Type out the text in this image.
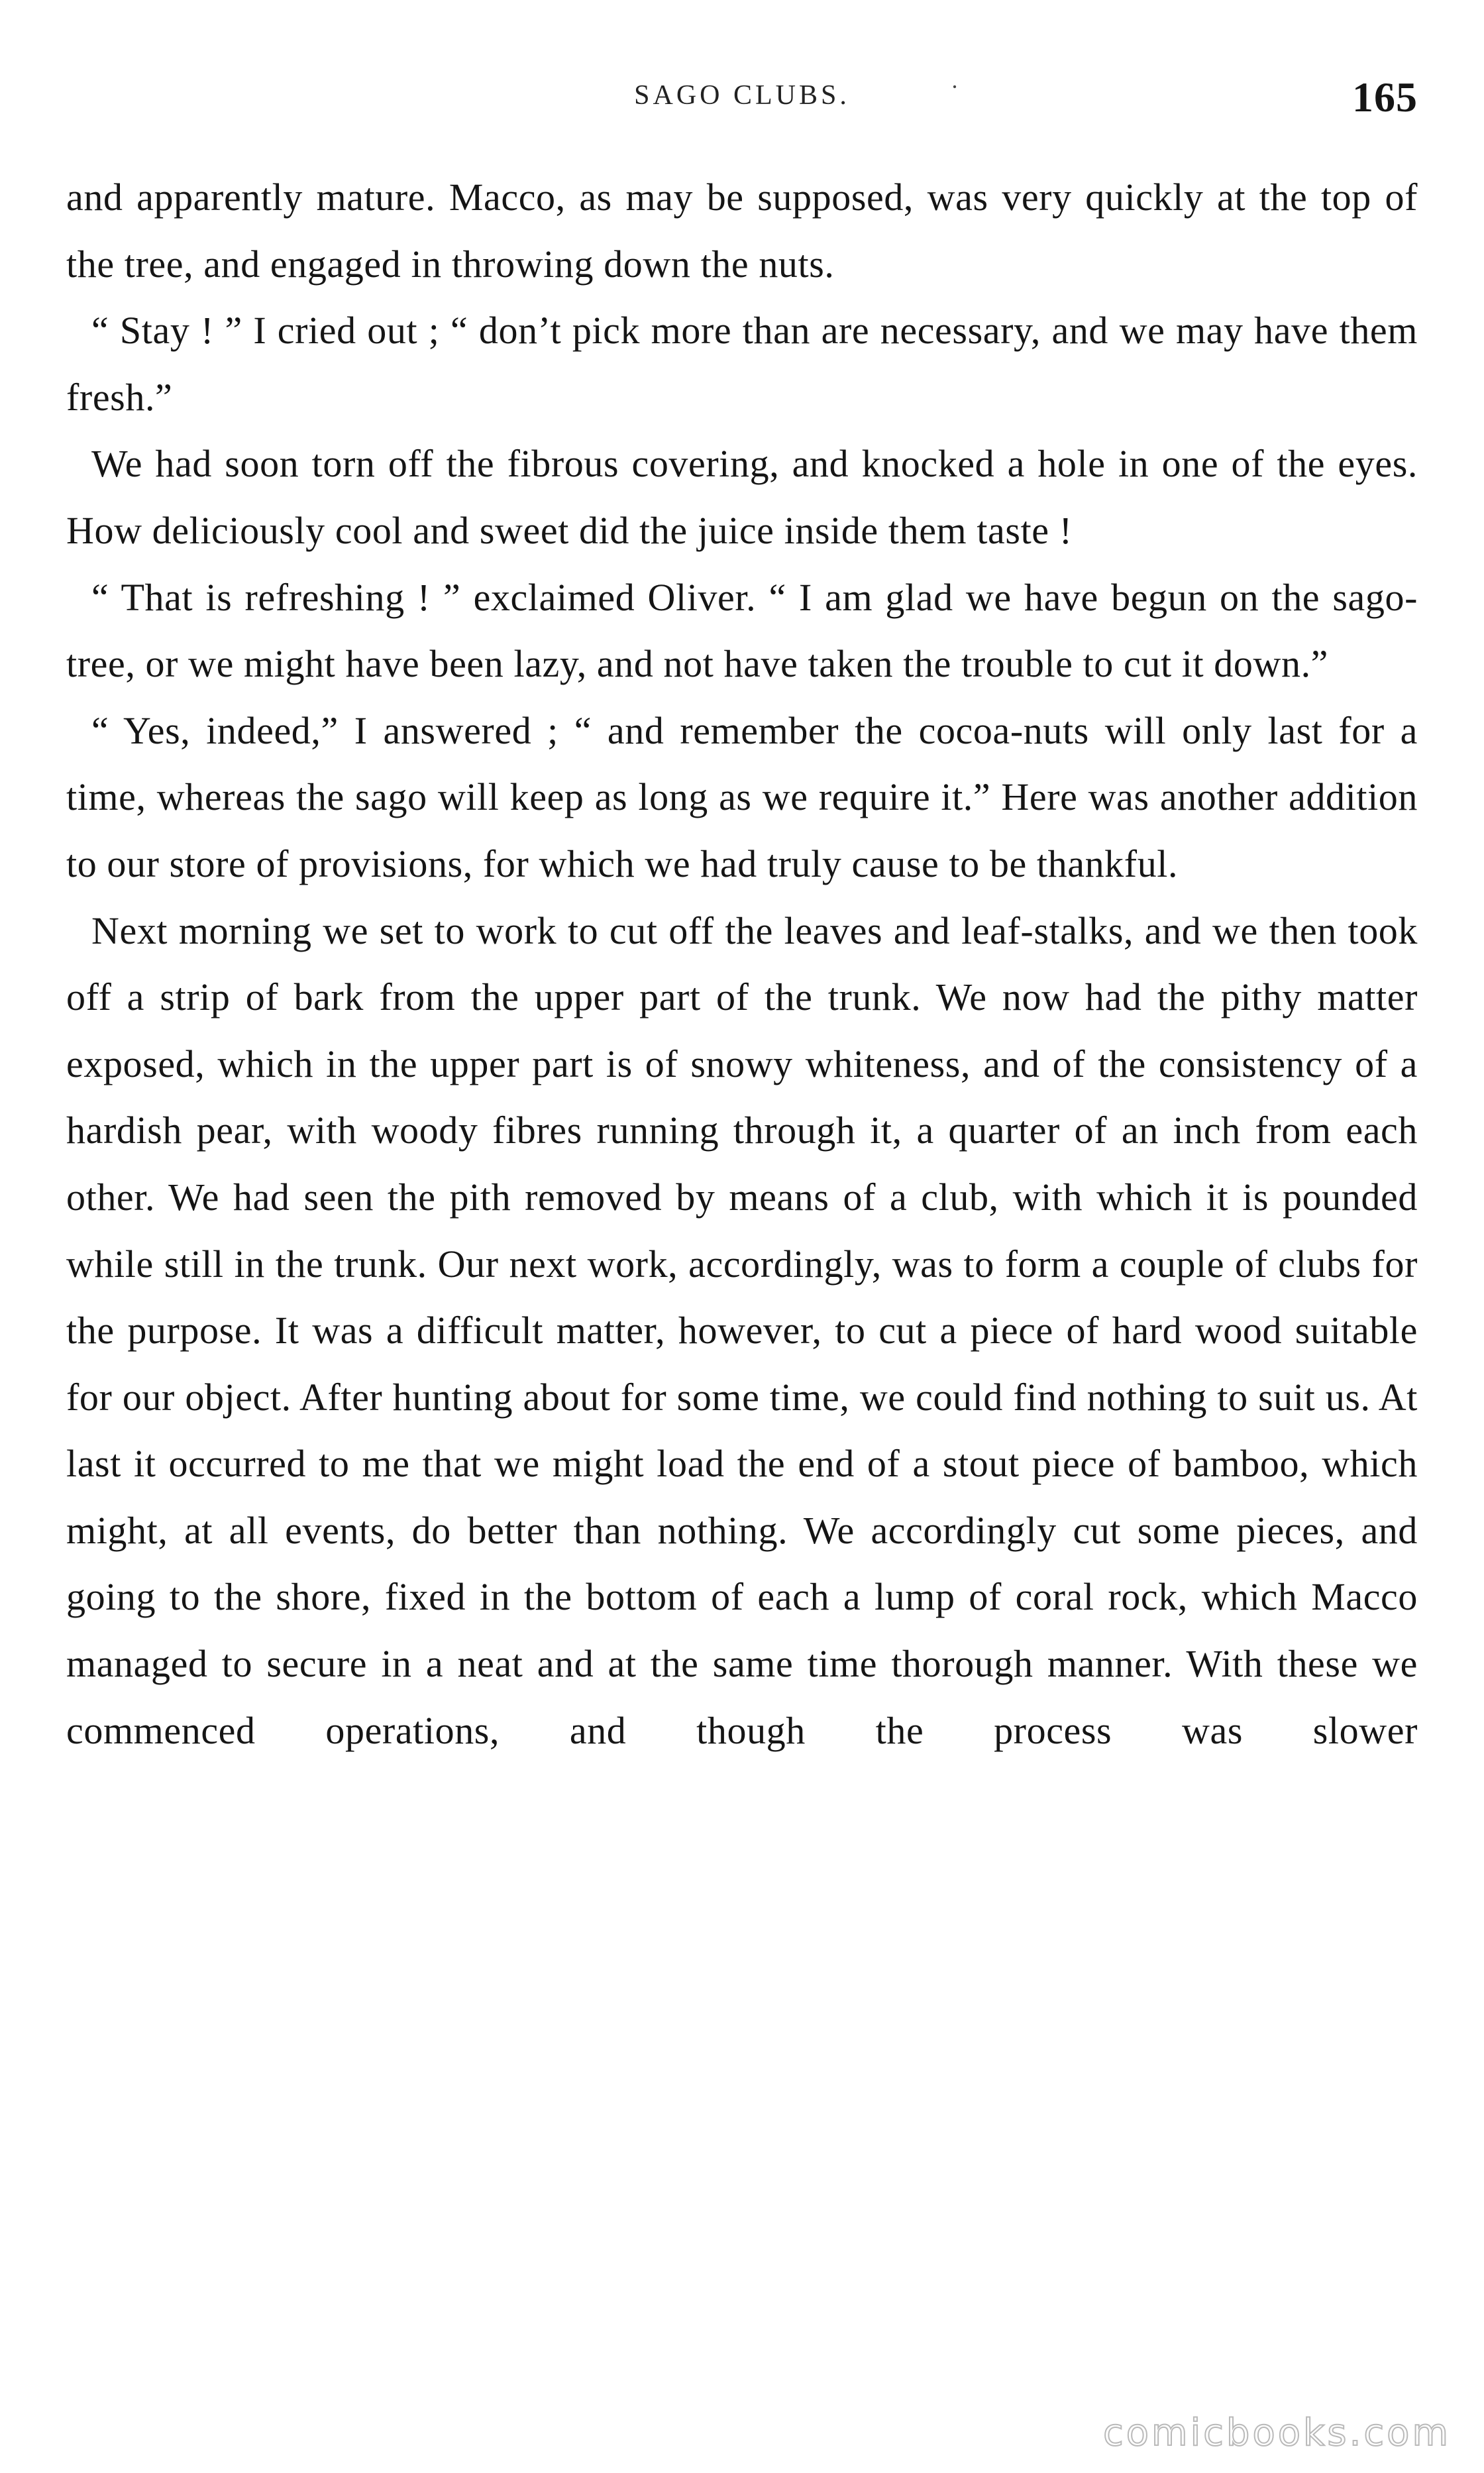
SAGO CLUBS.	·	165

and apparently mature. Macco, as may be supposed, was very quickly at the top of the tree, and engaged in throwing down the nuts.

“ Stay ! ” I cried out ; “ don’t pick more than are necessary, and we may have them fresh.”

We had soon torn off the fibrous covering, and knocked a hole in one of the eyes. How deliciously cool and sweet did the juice inside them taste !

“ That is refreshing ! ” exclaimed Oliver. “ I am glad we have begun on the sago-tree, or we might have been lazy, and not have taken the trouble to cut it down.”

“ Yes, indeed,” I answered ; “ and remember the cocoa-nuts will only last for a time, whereas the sago will keep as long as we require it.” Here was another addition to our store of provisions, for which we had truly cause to be thankful.

Next morning we set to work to cut off the leaves and leaf-stalks, and we then took off a strip of bark from the upper part of the trunk. We now had the pithy matter exposed, which in the upper part is of snowy whiteness, and of the consistency of a hardish pear, with woody fibres running through it, a quarter of an inch from each other. We had seen the pith removed by means of a club, with which it is pounded while still in the trunk. Our next work, accordingly, was to form a couple of clubs for the purpose. It was a difficult matter, however, to cut a piece of hard wood suitable for our object. After hunting about for some time, we could find nothing to suit us. At last it occurred to me that we might load the end of a stout piece of bamboo, which might, at all events, do better than nothing. We accordingly cut some pieces, and going to the shore, fixed in the bottom of each a lump of coral rock, which Macco managed to secure in a neat and at the same time thorough manner. With these we commenced operations, and though the process was slower

comicbooks.com
